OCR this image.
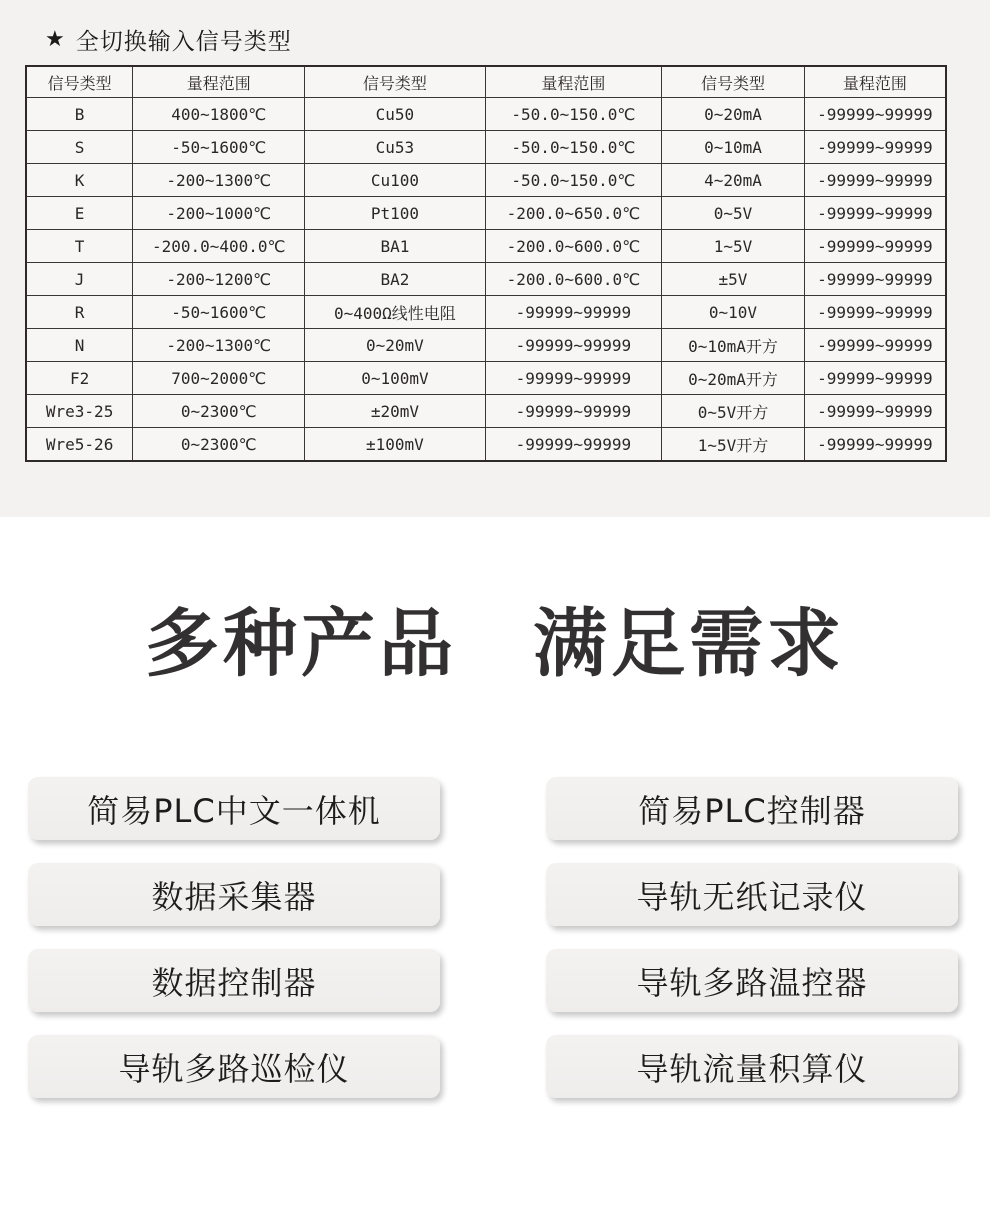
★ 全切换输入信号类型
信号类型	量程范围	信号类型	量程范围	信号类型	量程范围
B	400~1800℃	Cu50	-50.0~150.0℃	0~20mA	-99999~99999
S	-50~1600℃	Cu53	-50.0~150.0℃	0~10mA	-99999~99999
K	-200~1300℃	Cu100	-50.0~150.0℃	4~20mA	-99999~99999
E	-200~1000℃	Pt100	-200.0~650.0℃	0~5V	-99999~99999
T	-200.0~400.0℃	BA1	-200.0~600.0℃	1~5V	-99999~99999
J	-200~1200℃	BA2	-200.0~600.0℃	±5V	-99999~99999
R	-50~1600℃	0~400Ω线性电阻	-99999~99999	0~10V	-99999~99999
N	-200~1300℃	0~20mV	-99999~99999	0~10mA开方	-99999~99999
F2	700~2000℃	0~100mV	-99999~99999	0~20mA开方	-99999~99999
Wre3-25	0~2300℃	±20mV	-99999~99999	0~5V开方	-99999~99999
Wre5-26	0~2300℃	±100mV	-99999~99999	1~5V开方	-99999~99999
多种产品 满足需求
简易PLC中文一体机
数据采集器
数据控制器
导轨多路巡检仪
简易PLC控制器
导轨无纸记录仪
导轨多路温控器
导轨流量积算仪
